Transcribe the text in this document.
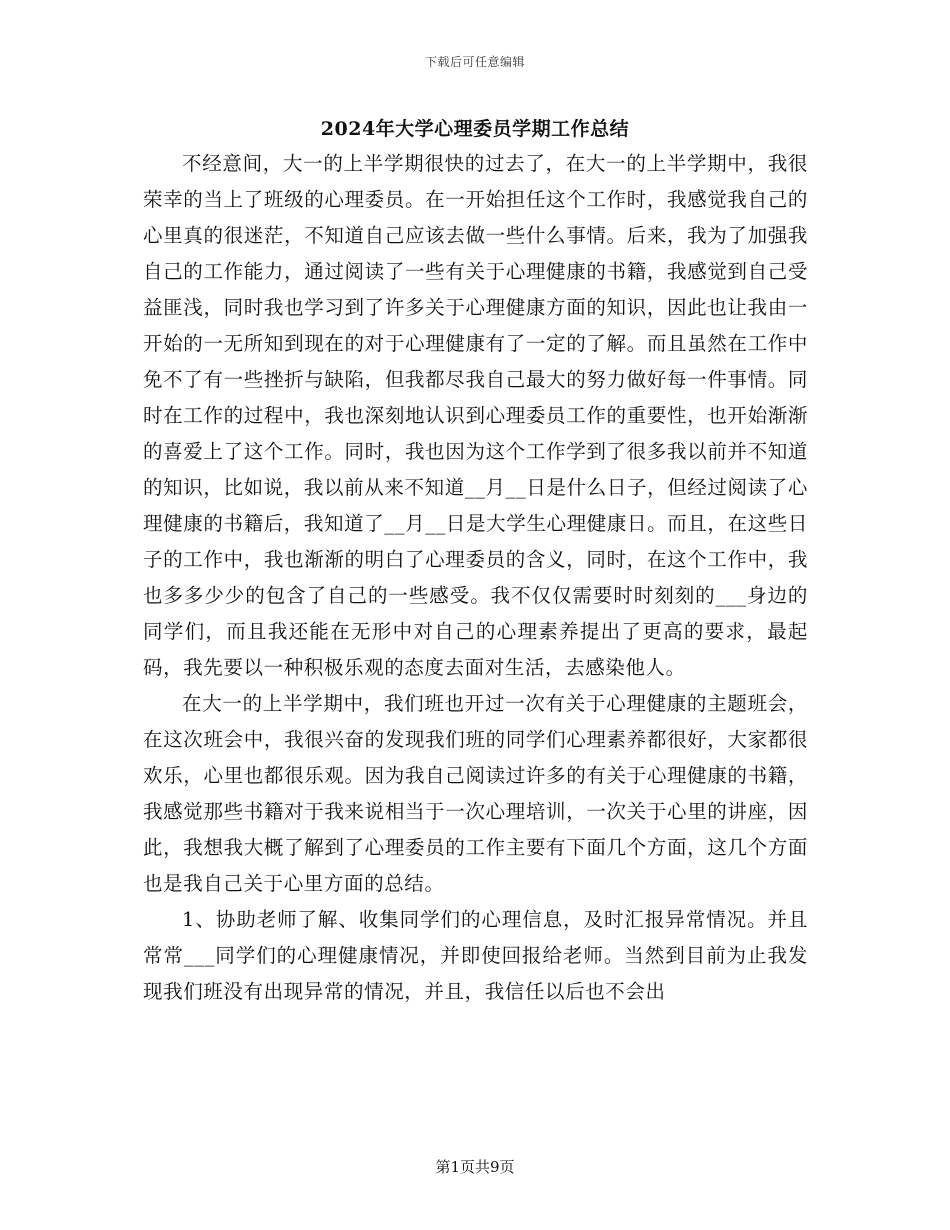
下载后可任意编辑
2024年大学心理委员学期工作总结

不经意间，大一的上半学期很快的过去了，在大一的上半学期中，我很荣幸的当上了班级的心理委员。在一开始担任这个工作时，我感觉我自己的心里真的很迷茫，不知道自己应该去做一些什么事情。后来，我为了加强我自己的工作能力，通过阅读了一些有关于心理健康的书籍，我感觉到自己受益匪浅，同时我也学习到了许多关于心理健康方面的知识，因此也让我由一开始的一无所知到现在的对于心理健康有了一定的了解。而且虽然在工作中免不了有一些挫折与缺陷，但我都尽我自己最大的努力做好每一件事情。同时在工作的过程中，我也深刻地认识到心理委员工作的重要性，也开始渐渐的喜爱上了这个工作。同时，我也因为这个工作学到了很多我以前并不知道的知识，比如说，我以前从来不知道__月__日是什么日子，但经过阅读了心理健康的书籍后，我知道了__月__日是大学生心理健康日。而且，在这些日子的工作中，我也渐渐的明白了心理委员的含义，同时，在这个工作中，我也多多少少的包含了自己的一些感受。我不仅仅需要时时刻刻的___身边的同学们，而且我还能在无形中对自己的心理素养提出了更高的要求，最起码，我先要以一种积极乐观的态度去面对生活，去感染他人。

在大一的上半学期中，我们班也开过一次有关于心理健康的主题班会，在这次班会中，我很兴奋的发现我们班的同学们心理素养都很好，大家都很欢乐，心里也都很乐观。因为我自己阅读过许多的有关于心理健康的书籍，我感觉那些书籍对于我来说相当于一次心理培训，一次关于心里的讲座，因此，我想我大概了解到了心理委员的工作主要有下面几个方面，这几个方面也是我自己关于心里方面的总结。

1、协助老师了解、收集同学们的心理信息，及时汇报异常情况。并且常常___同学们的心理健康情况，并即使回报给老师。当然到目前为止我发现我们班没有出现异常的情况，并且，我信任以后也不会出

第1页共9页
